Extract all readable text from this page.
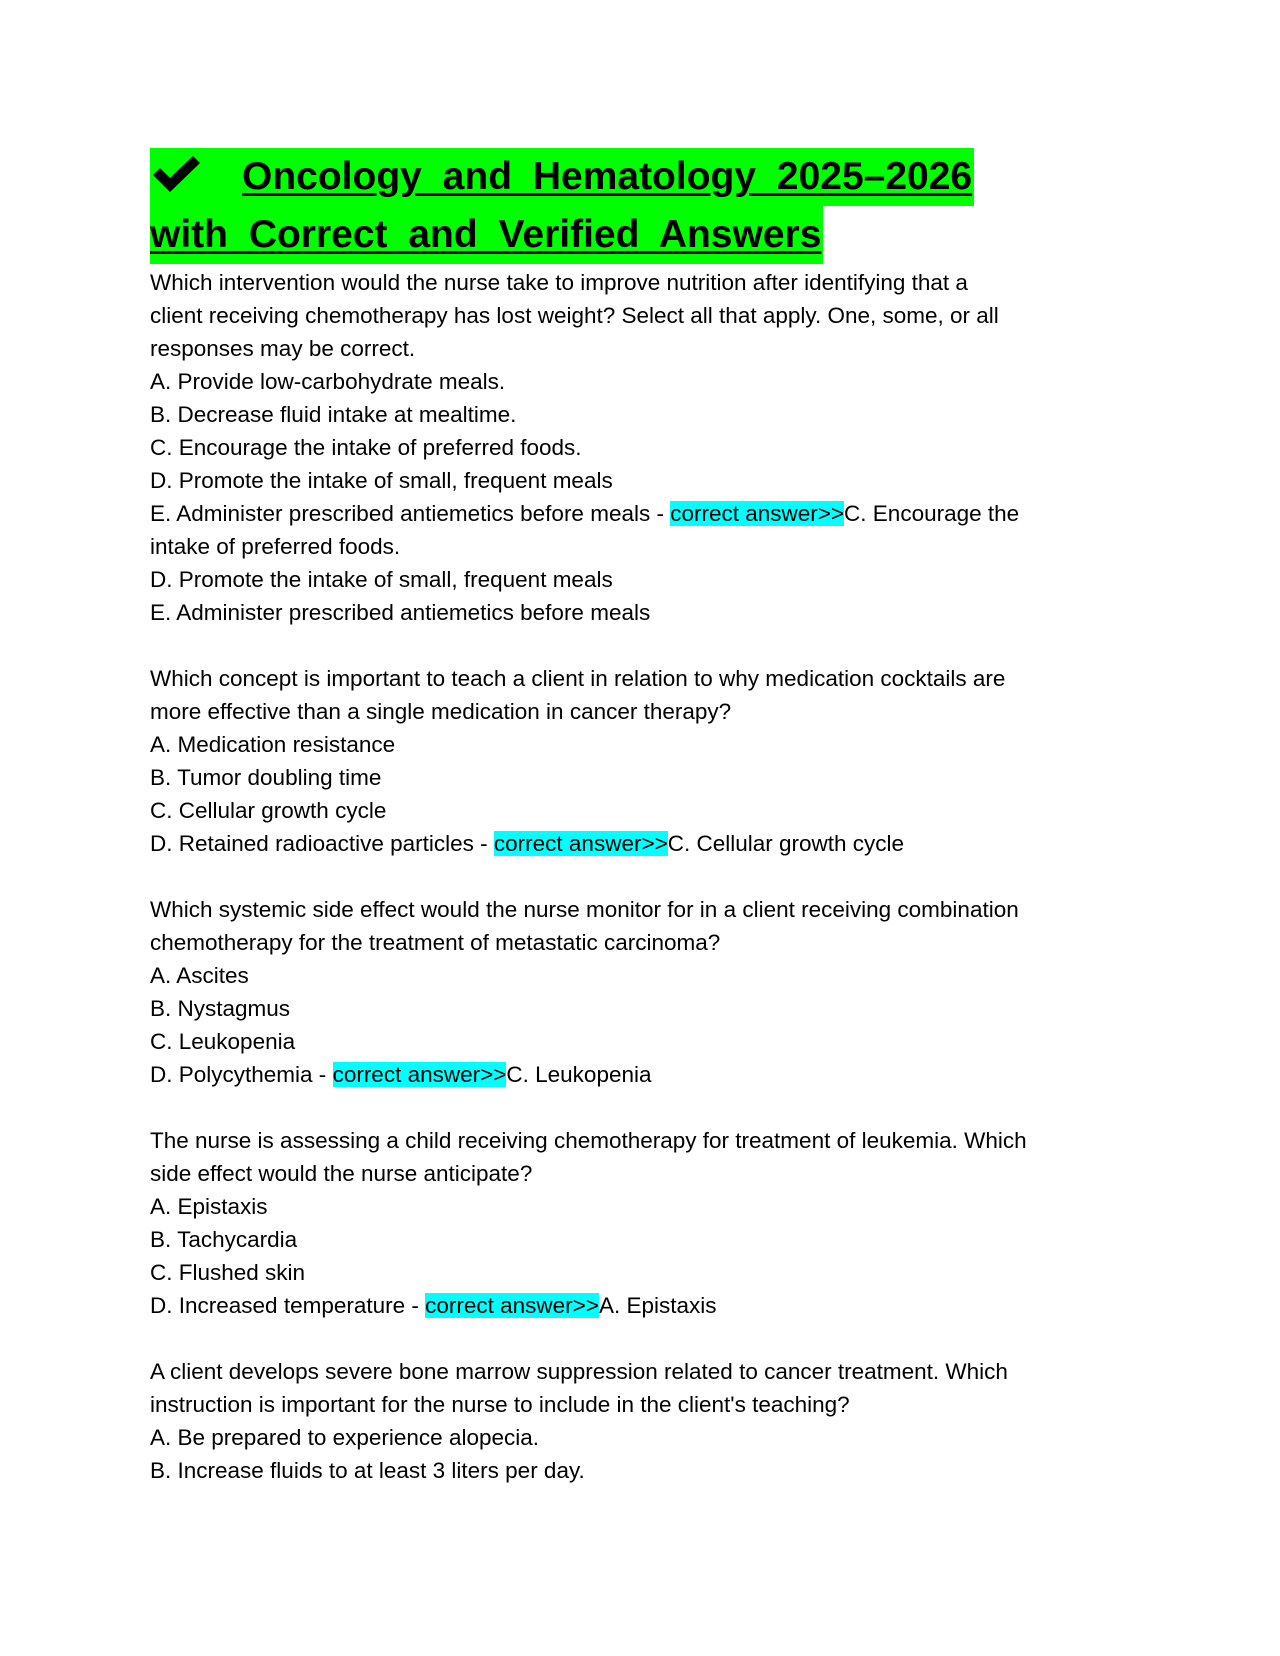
Oncology and Hematology 2025–2026
with Correct and Verified Answers
Which intervention would the nurse take to improve nutrition after identifying that a
client receiving chemotherapy has lost weight? Select all that apply. One, some, or all
responses may be correct.
A. Provide low-carbohydrate meals.
B. Decrease fluid intake at mealtime.
C. Encourage the intake of preferred foods.
D. Promote the intake of small, frequent meals
E. Administer prescribed antiemetics before meals - correct answer>>C. Encourage the
intake of preferred foods.
D. Promote the intake of small, frequent meals
E. Administer prescribed antiemetics before meals
Which concept is important to teach a client in relation to why medication cocktails are
more effective than a single medication in cancer therapy?
A. Medication resistance
B. Tumor doubling time
C. Cellular growth cycle
D. Retained radioactive particles - correct answer>>C. Cellular growth cycle
Which systemic side effect would the nurse monitor for in a client receiving combination
chemotherapy for the treatment of metastatic carcinoma?
A. Ascites
B. Nystagmus
C. Leukopenia
D. Polycythemia - correct answer>>C. Leukopenia
The nurse is assessing a child receiving chemotherapy for treatment of leukemia. Which
side effect would the nurse anticipate?
A. Epistaxis
B. Tachycardia
C. Flushed skin
D. Increased temperature - correct answer>>A. Epistaxis
A client develops severe bone marrow suppression related to cancer treatment. Which
instruction is important for the nurse to include in the client's teaching?
A. Be prepared to experience alopecia.
B. Increase fluids to at least 3 liters per day.
